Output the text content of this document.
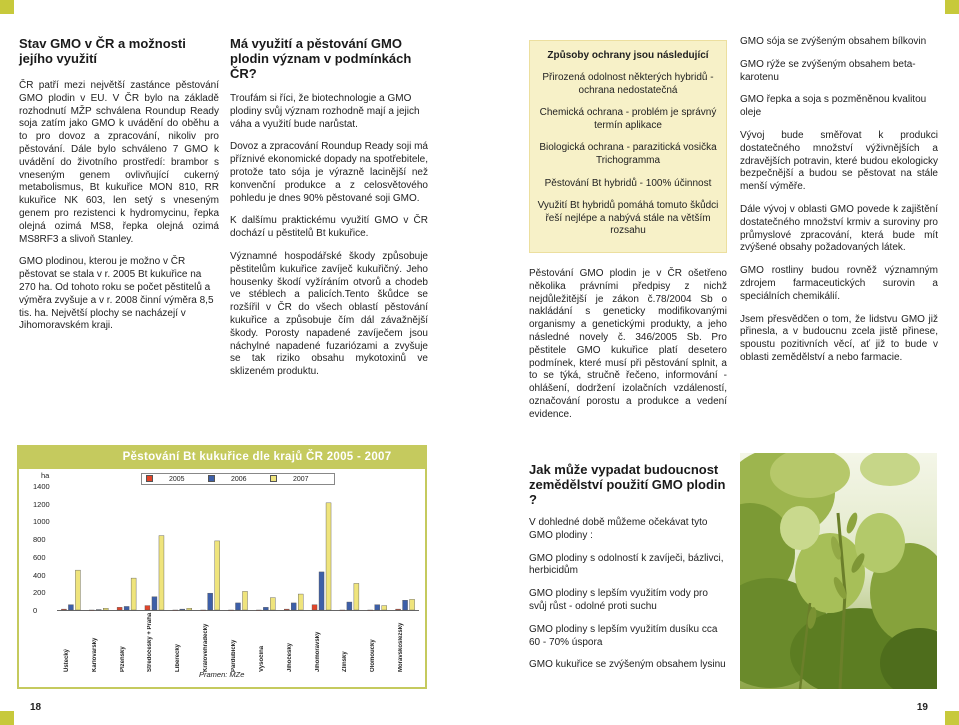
Stav GMO v ČR a možnosti jejího využití

ČR patří mezi největší zastánce pěstování GMO plodin v EU. V ČR bylo na základě rozhodnutí MŽP schválena Roundup Ready soja zatím jako GMO k uvádění do oběhu a to pro dovoz a zpracování, nikoliv pro pěstování. Dále bylo schváleno 7 GMO k uvádění do životního prostředí: brambor s vneseným genem ovlivňující cukerný metabolismus, Bt kukuřice MON 810, RR kukuřice NK 603, len setý s vneseným genem pro rezistenci k hydromycinu, řepka olejná ozimá MS8, řepka olejná ozimá MS8RF3 a slivoň Stanley.

GMO plodinou, kterou je možno v ČR pěstovat se stala v r. 2005 Bt kukuřice na 270 ha. Od tohoto roku se počet pěstitelů a výměra zvyšuje a v r. 2008 činní výměra 8,5 tis. ha. Největší plochy se nacházejí v Jihomoravském kraji.

Má využití a pěstování GMO plodin význam v podmínkách ČR?

Troufám si říci, že biotechnologie a GMO plodiny svůj význam rozhodně mají a jejich váha a využití bude narůstat.

Dovoz a zpracování Roundup Ready soji má příznivé ekonomické dopady na spotřebitele, protože tato sója je výrazně lacinější než konvenční produkce a z celosvětového pohledu je dnes 90% pěstované soji GMO.

K dalšímu praktickému využití GMO v ČR dochází u pěstitelů Bt kukuřice.

Významné hospodářské škody způsobuje pěstitelům kukuřice zavíječ kukuřičný. Jeho housenky škodí vyžíráním otvorů a chodeb ve stéblech a palicích.Tento škůdce se rozšířil v ČR do všech oblastí pěstování kukuřice a způsobuje čím dál závažnější škody. Porosty napadené zavíječem jsou náchylné napadené fuzariózami a zvyšuje se tak riziko obsahu mykotoxinů ve sklizeném produktu.

Způsoby ochrany jsou následující
Přirozená odolnost některých hybridů - ochrana nedostatečná
Chemická ochrana - problém je správný termín aplikace
Biologická ochrana - parazitická vosička Trichogramma
Pěstování Bt hybridů - 100% účinnost
Využití Bt hybridů pomáhá tomuto škůdci řeší nejlépe a nabývá stále na větším rozsahu

Pěstování GMO plodin je v ČR ošetřeno několika právními předpisy z nichž nejdůležitější je zákon č.78/2004 Sb o nakládání s geneticky modifikovanými organismy a genetickými produkty, a jeho následné novely č. 346/2005 Sb. Pro pěstitele GMO kukuřice platí desetero podmínek, které musí při pěstování splnit, a to se týká, stručně řečeno, informování - ohlášení, dodržení izolačních vzdáleností, označování porostu a produkce a vedení evidence.

GMO sója se zvýšeným obsahem bílkovin

GMO rýže se zvýšeným obsahem beta-karotenu

GMO řepka a soja s pozměněnou kvalitou oleje

Vývoj bude směřovat k produkci dostatečného množství výživnějších a zdravějších potravin, které budou ekologicky bezpečnější a budou se pěstovat na stále menší výměře.

Dále vývoj v oblasti GMO povede k zajištění dostatečného množství krmiv a suroviny pro průmyslové zpracování, která bude mít zvýšené obsahy požadovaných látek.

GMO rostliny budou rovněž významným zdrojem farmaceutických surovin a speciálních chemikálií.

Jsem přesvědčen o tom, že lidstvu GMO již přinesla, a v budoucnu zcela jistě přinese, spoustu pozitivních věcí, ať již to bude v oblasti zemědělství a nebo farmacie.

Pěstování Bt kukuřice dle krajů ČR 2005 - 2007
2005	2006	2007
ha
Pramen: MZe
0
200
400
600
800
1000
1200
1400
Ústecký	Karlovarský	Plzeňský	Středočeský + Praha	Liberecký	Královehradecký	Pardubický	Vysočina	Jihočeský	Jihomoravský	Zlínský	Olomoucký	Moravskoslezský
Jak může vypadat budoucnost zemědělství použití GMO plodin ?

V dohledné době můžeme očekávat tyto GMO plodiny :

GMO plodiny s odolností k zavíječi, bázlivci, herbicidům

GMO plodiny s lepším využitím vody pro svůj růst - odolné proti suchu

GMO plodiny s lepším využitím dusíku cca 60 - 70% úspora

GMO kukuřice se zvýšeným obsahem lysinu

18	19
